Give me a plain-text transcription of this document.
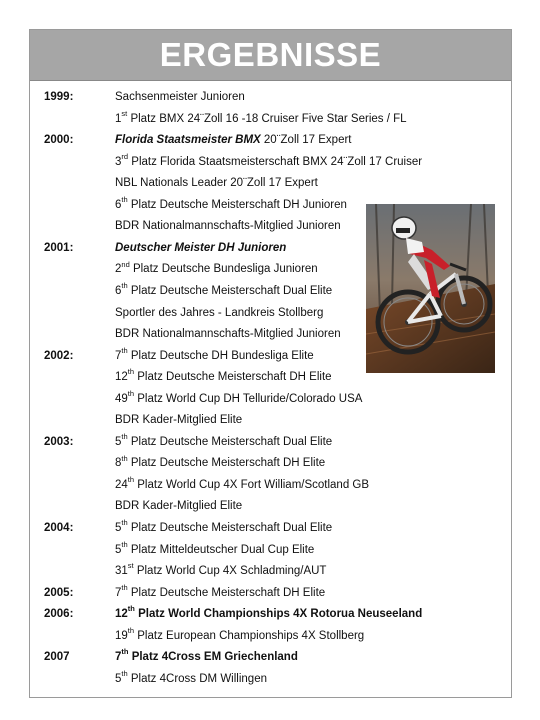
ERGEBNISSE
1999:	Sachsenmeister Junioren
1st Platz BMX 24¨Zoll 16 -18 Cruiser Five Star Series / FL
2000:	Florida Staatsmeister BMX 20¨Zoll 17 Expert
3rd Platz Florida Staatsmeisterschaft BMX 24¨Zoll 17 Cruiser
NBL Nationals Leader 20¨Zoll 17 Expert
6th Platz Deutsche Meisterschaft DH Junioren
BDR Nationalmannschafts-Mitglied Junioren
2001:	Deutscher Meister DH Junioren
2nd Platz Deutsche Bundesliga Junioren
6th Platz Deutsche Meisterschaft Dual Elite
Sportler des Jahres - Landkreis Stollberg
BDR Nationalmannschafts-Mitglied Junioren
2002:	7th Platz Deutsche DH Bundesliga Elite
12th Platz Deutsche Meisterschaft DH Elite
49th Platz World Cup DH Telluride/Colorado USA
BDR Kader-Mitglied Elite
2003:	5th Platz Deutsche Meisterschaft Dual Elite
8th Platz Deutsche Meisterschaft DH Elite
24th Platz World Cup 4X Fort William/Scotland GB
BDR Kader-Mitglied Elite
2004:	5th Platz Deutsche Meisterschaft Dual Elite
5th Platz Mitteldeutscher Dual Cup Elite
31st Platz World Cup 4X Schladming/AUT
2005:	7th Platz Deutsche Meisterschaft DH Elite
2006:	12th Platz World Championships 4X Rotorua Neuseeland
19th Platz European Championships 4X Stollberg
2007	7th Platz 4Cross EM Griechenland
5th Platz 4Cross DM Willingen
